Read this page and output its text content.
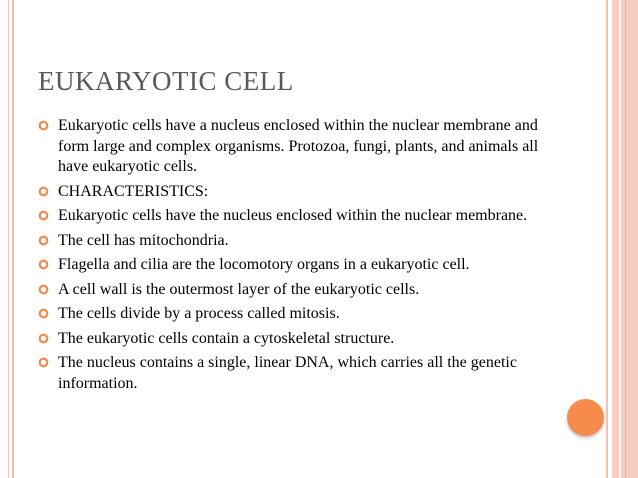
EUKARYOTIC CELL
Eukaryotic cells have a nucleus enclosed within the nuclear membrane and form large and complex organisms. Protozoa, fungi, plants, and animals all have eukaryotic cells.
CHARACTERISTICS:
Eukaryotic cells have the nucleus enclosed within the nuclear membrane.
The cell has mitochondria.
Flagella and cilia are the locomotory organs in a eukaryotic cell.
A cell wall is the outermost layer of the eukaryotic cells.
The cells divide by a process called mitosis.
The eukaryotic cells contain a cytoskeletal structure.
The nucleus contains a single, linear DNA, which carries all the genetic information.
